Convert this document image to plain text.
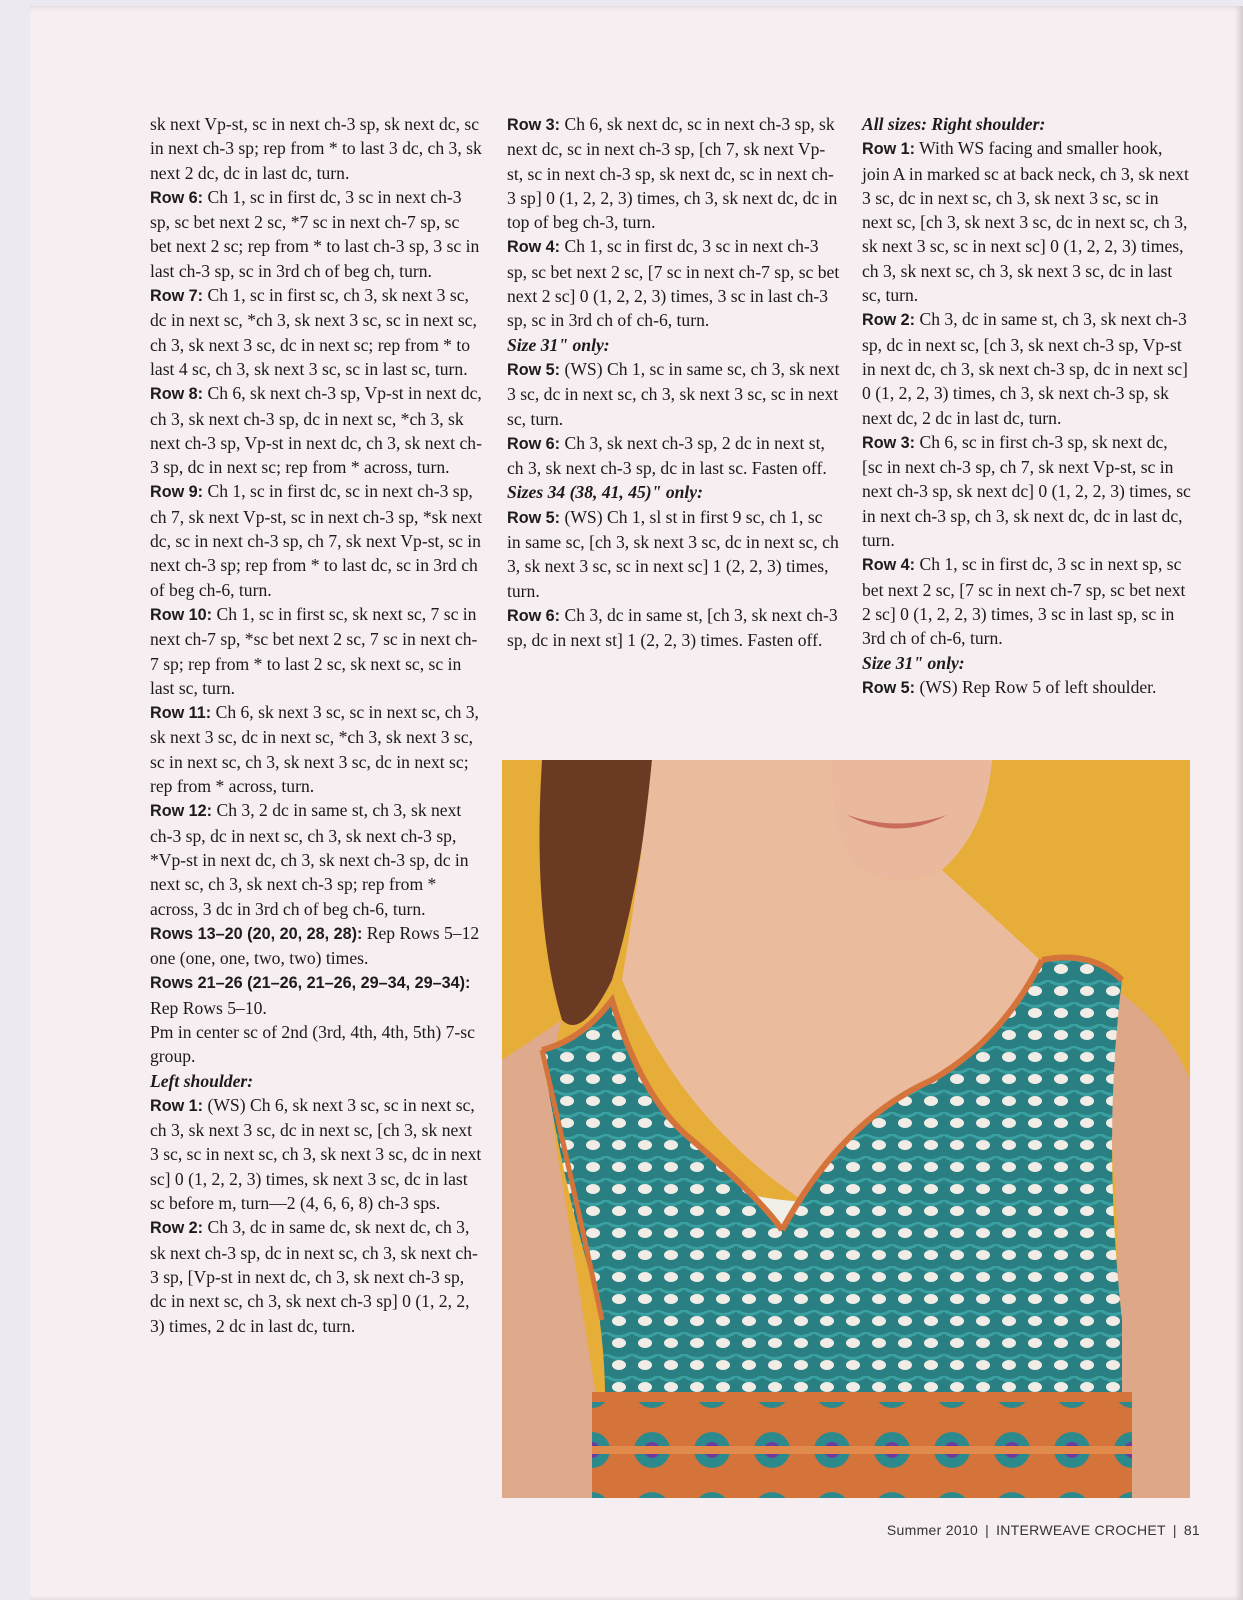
sk next Vp-st, sc in next ch-3 sp, sk next dc, sc in next ch-3 sp; rep from * to last 3 dc, ch 3, sk next 2 dc, dc in last dc, turn.

Row 6: Ch 1, sc in first dc, 3 sc in next ch-3 sp, sc bet next 2 sc, *7 sc in next ch-7 sp, sc bet next 2 sc; rep from * to last ch-3 sp, 3 sc in last ch-3 sp, sc in 3rd ch of beg ch, turn.

Row 7: Ch 1, sc in first sc, ch 3, sk next 3 sc, dc in next sc, *ch 3, sk next 3 sc, sc in next sc, ch 3, sk next 3 sc, dc in next sc; rep from * to last 4 sc, ch 3, sk next 3 sc, sc in last sc, turn.

Row 8: Ch 6, sk next ch-3 sp, Vp-st in next dc, ch 3, sk next ch-3 sp, dc in next sc, *ch 3, sk next ch-3 sp, Vp-st in next dc, ch 3, sk next ch-3 sp, dc in next sc; rep from * across, turn.

Row 9: Ch 1, sc in first dc, sc in next ch-3 sp, ch 7, sk next Vp-st, sc in next ch-3 sp, *sk next dc, sc in next ch-3 sp, ch 7, sk next Vp-st, sc in next ch-3 sp; rep from * to last dc, sc in 3rd ch of beg ch-6, turn.

Row 10: Ch 1, sc in first sc, sk next sc, 7 sc in next ch-7 sp, *sc bet next 2 sc, 7 sc in next ch-7 sp; rep from * to last 2 sc, sk next sc, sc in last sc, turn.

Row 11: Ch 6, sk next 3 sc, sc in next sc, ch 3, sk next 3 sc, dc in next sc, *ch 3, sk next 3 sc, sc in next sc, ch 3, sk next 3 sc, dc in next sc; rep from * across, turn.

Row 12: Ch 3, 2 dc in same st, ch 3, sk next ch-3 sp, dc in next sc, ch 3, sk next ch-3 sp, *Vp-st in next dc, ch 3, sk next ch-3 sp, dc in next sc, ch 3, sk next ch-3 sp; rep from * across, 3 dc in 3rd ch of beg ch-6, turn.

Rows 13–20 (20, 20, 28, 28): Rep Rows 5–12 one (one, one, two, two) times.

Rows 21–26 (21–26, 21–26, 29–34, 29–34): Rep Rows 5–10.

Pm in center sc of 2nd (3rd, 4th, 4th, 5th) 7-sc group.

Left shoulder:

Row 1: (WS) Ch 6, sk next 3 sc, sc in next sc, ch 3, sk next 3 sc, dc in next sc, [ch 3, sk next 3 sc, sc in next sc, ch 3, sk next 3 sc, dc in next sc] 0 (1, 2, 2, 3) times, sk next 3 sc, dc in last sc before m, turn—2 (4, 6, 6, 8) ch-3 sps.

Row 2: Ch 3, dc in same dc, sk next dc, ch 3, sk next ch-3 sp, dc in next sc, ch 3, sk next ch-3 sp, [Vp-st in next dc, ch 3, sk next ch-3 sp, dc in next sc, ch 3, sk next ch-3 sp] 0 (1, 2, 2, 3) times, 2 dc in last dc, turn.

Row 3: Ch 6, sk next dc, sc in next ch-3 sp, sk next dc, sc in next ch-3 sp, [ch 7, sk next Vp-st, sc in next ch-3 sp, sk next dc, sc in next ch-3 sp] 0 (1, 2, 2, 3) times, ch 3, sk next dc, dc in top of beg ch-3, turn.

Row 4: Ch 1, sc in first dc, 3 sc in next ch-3 sp, sc bet next 2 sc, [7 sc in next ch-7 sp, sc bet next 2 sc] 0 (1, 2, 2, 3) times, 3 sc in last ch-3 sp, sc in 3rd ch of ch-6, turn.

Size 31" only:

Row 5: (WS) Ch 1, sc in same sc, ch 3, sk next 3 sc, dc in next sc, ch 3, sk next 3 sc, sc in next sc, turn.

Row 6: Ch 3, sk next ch-3 sp, 2 dc in next st, ch 3, sk next ch-3 sp, dc in last sc. Fasten off.

Sizes 34 (38, 41, 45)" only:

Row 5: (WS) Ch 1, sl st in first 9 sc, ch 1, sc in same sc, [ch 3, sk next 3 sc, dc in next sc, ch 3, sk next 3 sc, sc in next sc] 1 (2, 2, 3) times, turn.

Row 6: Ch 3, dc in same st, [ch 3, sk next ch-3 sp, dc in next st] 1 (2, 2, 3) times. Fasten off.

All sizes: Right shoulder:

Row 1: With WS facing and smaller hook, join A in marked sc at back neck, ch 3, sk next 3 sc, dc in next sc, ch 3, sk next 3 sc, sc in next sc, [ch 3, sk next 3 sc, dc in next sc, ch 3, sk next 3 sc, sc in next sc] 0 (1, 2, 2, 3) times, ch 3, sk next sc, ch 3, sk next 3 sc, dc in last sc, turn.

Row 2: Ch 3, dc in same st, ch 3, sk next ch-3 sp, dc in next sc, [ch 3, sk next ch-3 sp, Vp-st in next dc, ch 3, sk next ch-3 sp, dc in next sc] 0 (1, 2, 2, 3) times, ch 3, sk next ch-3 sp, sk next dc, 2 dc in last dc, turn.

Row 3: Ch 6, sc in first ch-3 sp, sk next dc, [sc in next ch-3 sp, ch 7, sk next Vp-st, sc in next ch-3 sp, sk next dc] 0 (1, 2, 2, 3) times, sc in next ch-3 sp, ch 3, sk next dc, dc in last dc, turn.

Row 4: Ch 1, sc in first dc, 3 sc in next sp, sc bet next 2 sc, [7 sc in next ch-7 sp, sc bet next 2 sc] 0 (1, 2, 2, 3) times, 3 sc in last sp, sc in 3rd ch of ch-6, turn.

Size 31" only:

Row 5: (WS) Rep Row 5 of left shoulder.

Summer 2010 | INTERWEAVE CROCHET | 81
